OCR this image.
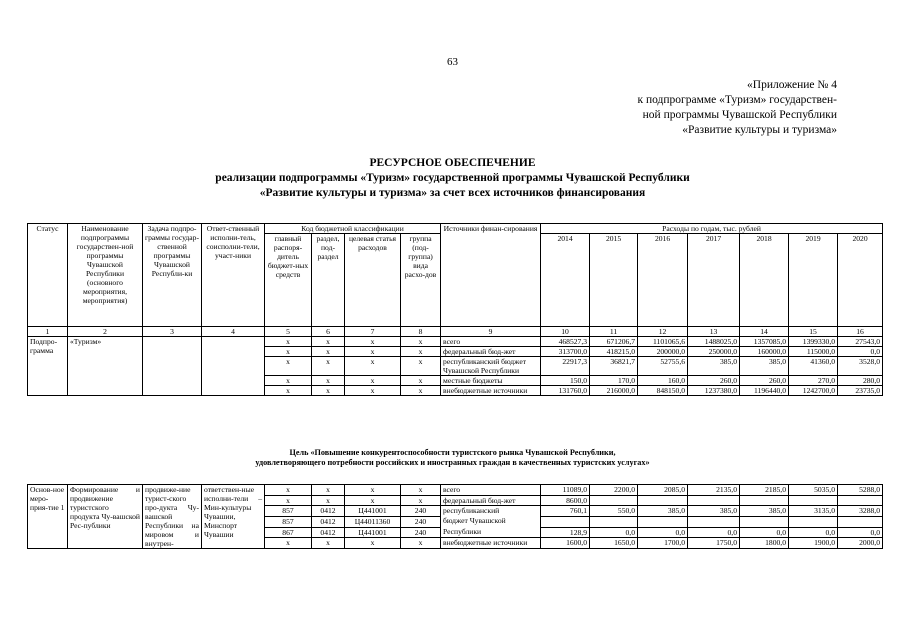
63
«Приложение № 4
к подпрограмме «Туризм» государствен-
ной программы Чувашской Республики
«Развитие культуры и туризма»
РЕСУРСНОЕ ОБЕСПЕЧЕНИЕ
реализации подпрограммы «Туризм» государственной программы Чувашской Республики
«Развитие культуры и туризма» за счет всех источников финансирования
Статус	Наименование подпрограммы государствен-ной программы Чувашской Республики (основного мероприятия, мероприятия)	Задача подпро-граммы государ-ственной программы Чувашской Республи-ки	Ответ-ственный исполни-тель, соисполни-тели, участ-ники	Код бюджетной классификации				Источники финан-сирования	Расходы по годам, тыс. рублей						
				главный распоря-дитель бюджет-ных средств	раздел, под-раздел	целевая статья расходов	группа (под-группа) вида расхо-дов		2014	2015	2016	2017	2018	2019	2020
1	2	3	4	5	6	7	8	9	10	11	12	13	14	15	16
Подпро-грамма	«Туризм»			x	x	x	x	всего	468527,3	671206,7	1101065,6	1488025,0	1357085,0	1399330,0	27543,0
				x	x	x	x	федеральный бюд-жет	313700,0	418215,0	200000,0	250000,0	160000,0	115000,0	0,0
				x	x	x	x	республиканский бюджет Чувашской Республики	22917,3	36821,7	52755,6	385,0	385,0	41360,0	3528,0
				x	x	x	x	местные бюджеты	150,0	170,0	160,0	260,0	260,0	270,0	280,0
				x	x	x	x	внебюджетные источники	131760,0	216000,0	848150,0	1237380,0	1196440,0	1242700,0	23735,0
Цель «Повышение конкурентоспособности туристского рынка Чувашской Республики,
удовлетворяющего потребности российских и иностранных граждан в качественных туристских услугах»
Основ-ное меро-прия-тие 1	Формирование и продвижение туристского продукта Чу-вашской Рес-публики	продвиже-ние турист-ского про-дукта Чу-вашской Республики на мировом и внутрен-	ответствен-ные исполни-тели – Мин-культуры Чувашии, Минспорт Чувашии	x	x	x	x	всего	11089,0	2200,0	2085,0	2135,0	2185,0	5035,0	5288,0
				x	x	x	x	федеральный бюд-жет	8600,0						
				857	0412	Ц441001	240	республиканский	760,1	550,0	385,0	385,0	385,0	3135,0	3288,0
				857	0412	Ц44011360	240	бюджет Чувашской							
				867	0412	Ц441001	240	Республики	128,9	0,0	0,0	0,0	0,0	0,0	0,0
				x	x	x	x	внебюджетные источники	1600,0	1650,0	1700,0	1750,0	1800,0	1900,0	2000,0
